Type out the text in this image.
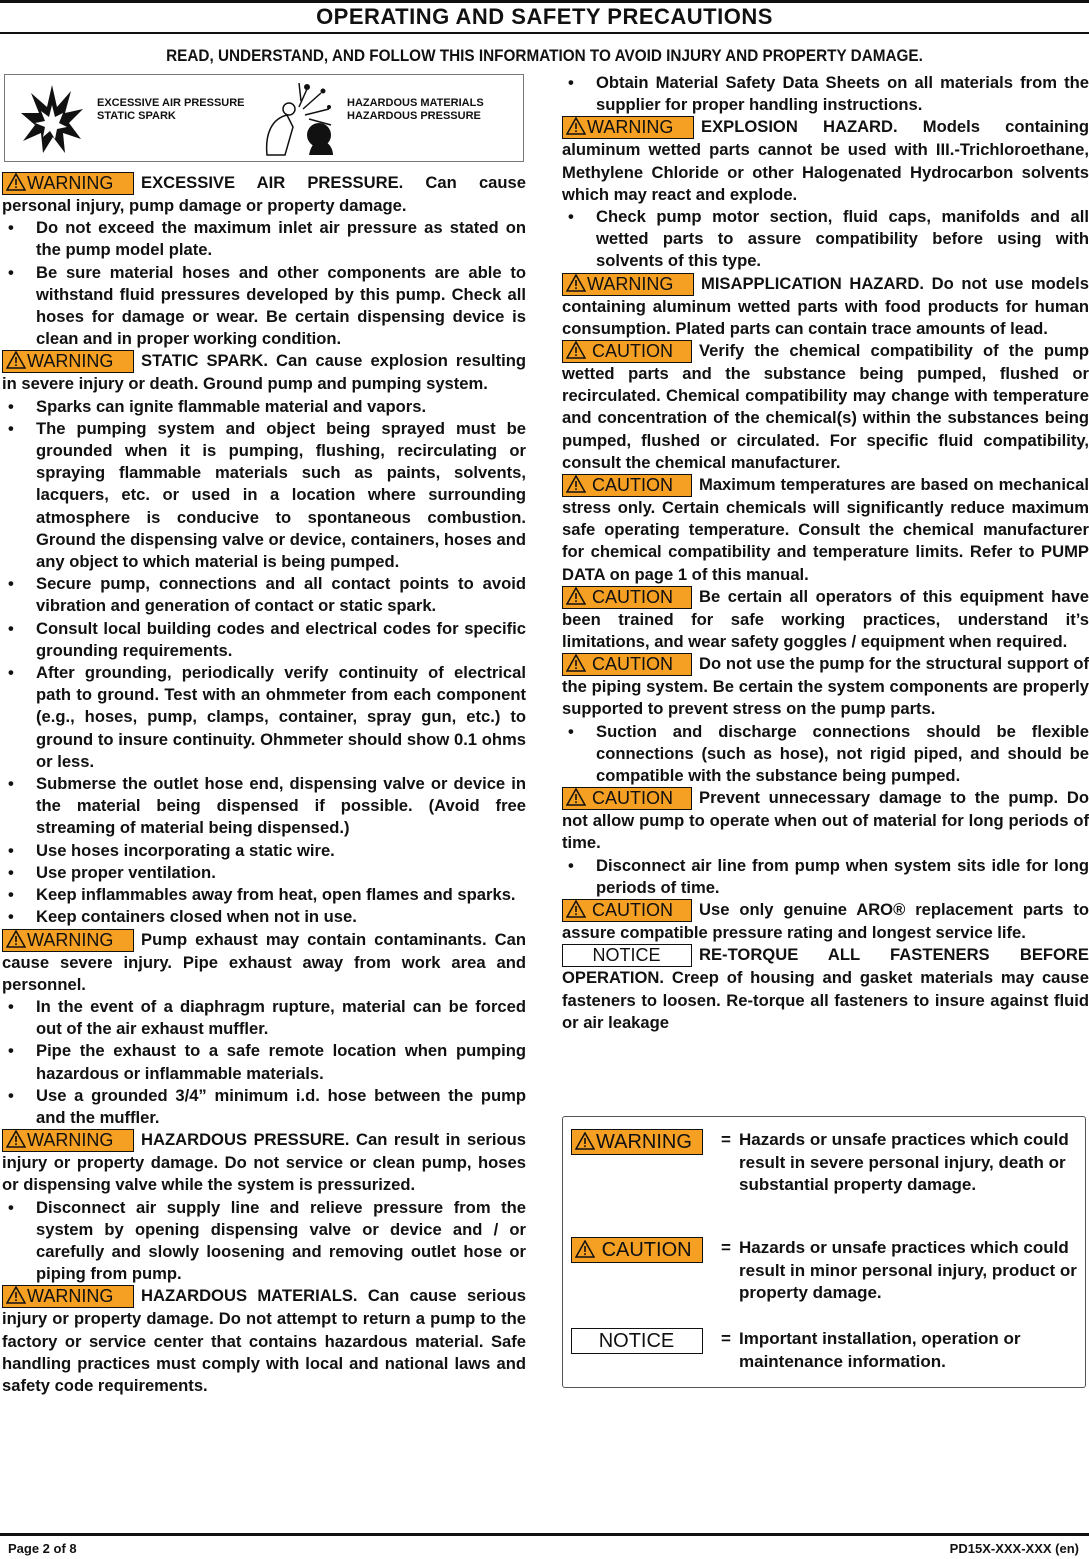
OPERATING AND SAFETY PRECAUTIONS
READ, UNDERSTAND, AND FOLLOW THIS INFORMATION TO AVOID INJURY AND PROPERTY DAMAGE.
EXCESSIVE AIR PRESSURE
STATIC SPARK
HAZARDOUS MATERIALS
HAZARDOUS PRESSURE

WARNING EXCESSIVE AIR PRESSURE. Can cause personal injury, pump damage or property damage.

• Do not exceed the maximum inlet air pressure as stated on the pump model plate.

• Be sure material hoses and other components are able to withstand fluid pressures developed by this pump. Check all hoses for damage or wear. Be certain dispensing device is clean and in proper working condition.

WARNING STATIC SPARK. Can cause explosion resulting in severe injury or death. Ground pump and pumping system.

• Sparks can ignite flammable material and vapors.

• The pumping system and object being sprayed must be grounded when it is pumping, flushing, recirculating or spraying flammable materials such as paints, solvents, lacquers, etc. or used in a location where surrounding atmosphere is conducive to spontaneous combustion. Ground the dispensing valve or device, containers, hoses and any object to which material is being pumped.

• Secure pump, connections and all contact points to avoid vibration and generation of contact or static spark.

• Consult local building codes and electrical codes for specific grounding requirements.

• After grounding, periodically verify continuity of electrical path to ground. Test with an ohmmeter from each component (e.g., hoses, pump, clamps, container, spray gun, etc.) to ground to insure continuity. Ohmmeter should show 0.1 ohms or less.

• Submerse the outlet hose end, dispensing valve or device in the material being dispensed if possible. (Avoid free streaming of material being dispensed.)

• Use hoses incorporating a static wire.

• Use proper ventilation.

• Keep inflammables away from heat, open flames and sparks.

• Keep containers closed when not in use.

WARNING Pump exhaust may contain contaminants. Can cause severe injury. Pipe exhaust away from work area and personnel.

• In the event of a diaphragm rupture, material can be forced out of the air exhaust muffler.

• Pipe the exhaust to a safe remote location when pumping hazardous or inflammable materials.

• Use a grounded 3/4” minimum i.d. hose between the pump and the muffler.

WARNING HAZARDOUS PRESSURE. Can result in serious injury or property damage. Do not service or clean pump, hoses or dispensing valve while the system is pressurized.

• Disconnect air supply line and relieve pressure from the system by opening dispensing valve or device and / or carefully and slowly loosening and removing outlet hose or piping from pump.

WARNING HAZARDOUS MATERIALS. Can cause serious injury or property damage. Do not attempt to return a pump to the factory or service center that contains hazardous material. Safe handling practices must comply with local and national laws and safety code requirements.

• Obtain Material Safety Data Sheets on all materials from the supplier for proper handling instructions.

WARNING EXPLOSION HAZARD. Models containing aluminum wetted parts cannot be used with III.-Trichloroethane, Methylene Chloride or other Halogenated Hydrocarbon solvents which may react and explode.

• Check pump motor section, fluid caps, manifolds and all wetted parts to assure compatibility before using with solvents of this type.

WARNING MISAPPLICATION HAZARD. Do not use models containing aluminum wetted parts with food products for human consumption. Plated parts can contain trace amounts of lead.

CAUTION Verify the chemical compatibility of the pump wetted parts and the substance being pumped, flushed or recirculated. Chemical compatibility may change with temperature and concentration of the chemical(s) within the substances being pumped, flushed or circulated. For specific fluid compatibility, consult the chemical manufacturer.

CAUTION Maximum temperatures are based on mechanical stress only. Certain chemicals will significantly reduce maximum safe operating temperature. Consult the chemical manufacturer for chemical compatibility and temperature limits. Refer to PUMP DATA on page 1 of this manual.

CAUTION Be certain all operators of this equipment have been trained for safe working practices, understand it’s limitations, and wear safety goggles / equipment when required.

CAUTION Do not use the pump for the structural support of the piping system. Be certain the system components are properly supported to prevent stress on the pump parts.

• Suction and discharge connections should be flexible connections (such as hose), not rigid piped, and should be compatible with the substance being pumped.

CAUTION Prevent unnecessary damage to the pump. Do not allow pump to operate when out of material for long periods of time.

• Disconnect air line from pump when system sits idle for long periods of time.

CAUTION Use only genuine ARO® replacement parts to assure compatible pressure rating and longest service life.

NOTICE RE-TORQUE ALL FASTENERS BEFORE OPERATION. Creep of housing and gasket materials may cause fasteners to loosen. Re-torque all fasteners to insure against fluid or air leakage

WARNING	= Hazards or unsafe practices which could result in severe personal injury, death or substantial property damage.
CAUTION	= Hazards or unsafe practices which could result in minor personal injury, product or property damage.
NOTICE	= Important installation, operation or maintenance information.
Page 2 of 8	PD15X-XXX-XXX (en)
